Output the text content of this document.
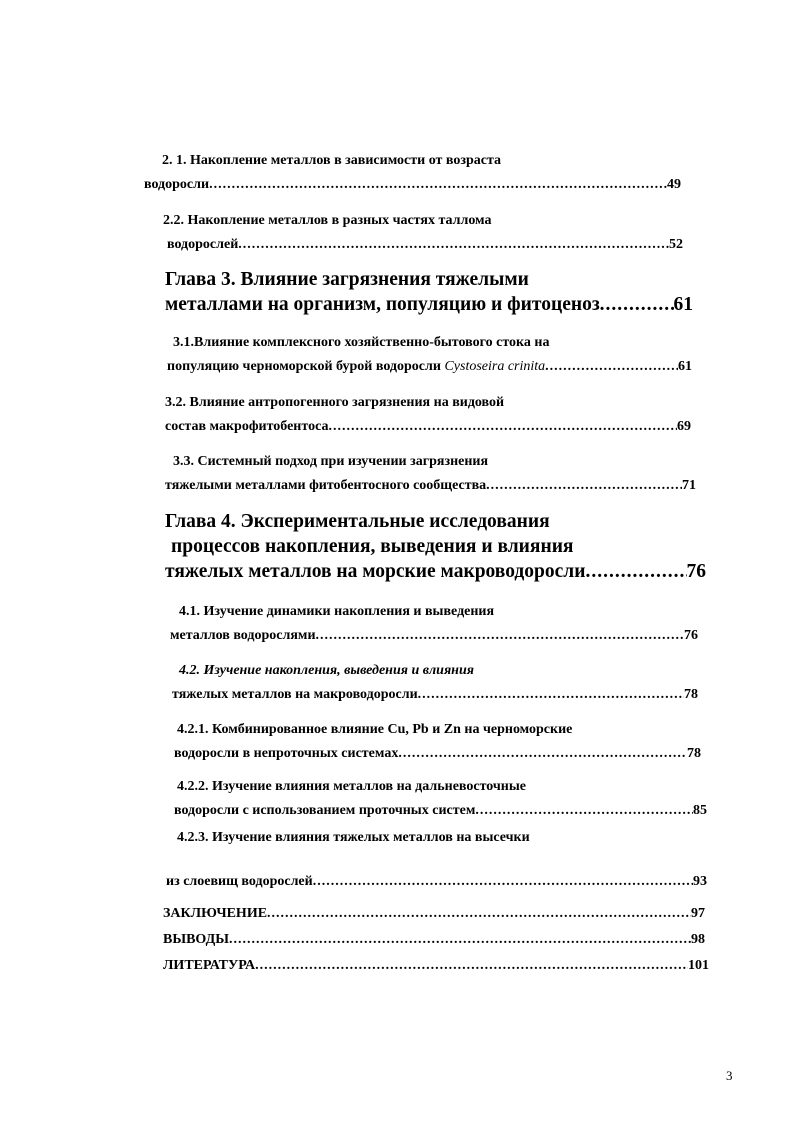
2. 1. Накопление металлов в зависимости от возраста
водоросли .....	49
2.2. Накопление металлов в разных частях таллома
водорослей .....	52
Глава 3. Влияние загрязнения тяжелыми
металлами на организм, популяцию и фитоценоз .....	61
3.1.Влияние комплексного хозяйственно-бытового стока на
популяцию черноморской бурой водоросли Cystoseira crinita .....	61
3.2. Влияние антропогенного загрязнения на видовой
состав макрофитобентоса .....	69
3.3. Системный подход при изучении загрязнения
тяжелыми металлами фитобентосного сообщества .....	71
Глава 4. Экспериментальные исследования
процессов накопления, выведения и влияния
тяжелых металлов на морские макроводоросли .....	76
4.1. Изучение динамики накопления и выведения
металлов водорослями .....	76
4.2. Изучение накопления, выведения и влияния
тяжелых металлов на макроводоросли .....	78
4.2.1. Комбинированное влияние Cu, Pb и Zn на черноморские
водоросли в непроточных системах .....	78
4.2.2. Изучение влияния металлов на дальневосточные
водоросли с использованием проточных систем .....	85
4.2.3. Изучение влияния тяжелых металлов на высечки
из слоевищ водорослей .....	93
ЗАКЛЮЧЕНИЕ .....	97
ВЫВОДЫ .....	98
ЛИТЕРАТУРА .....	101
3
